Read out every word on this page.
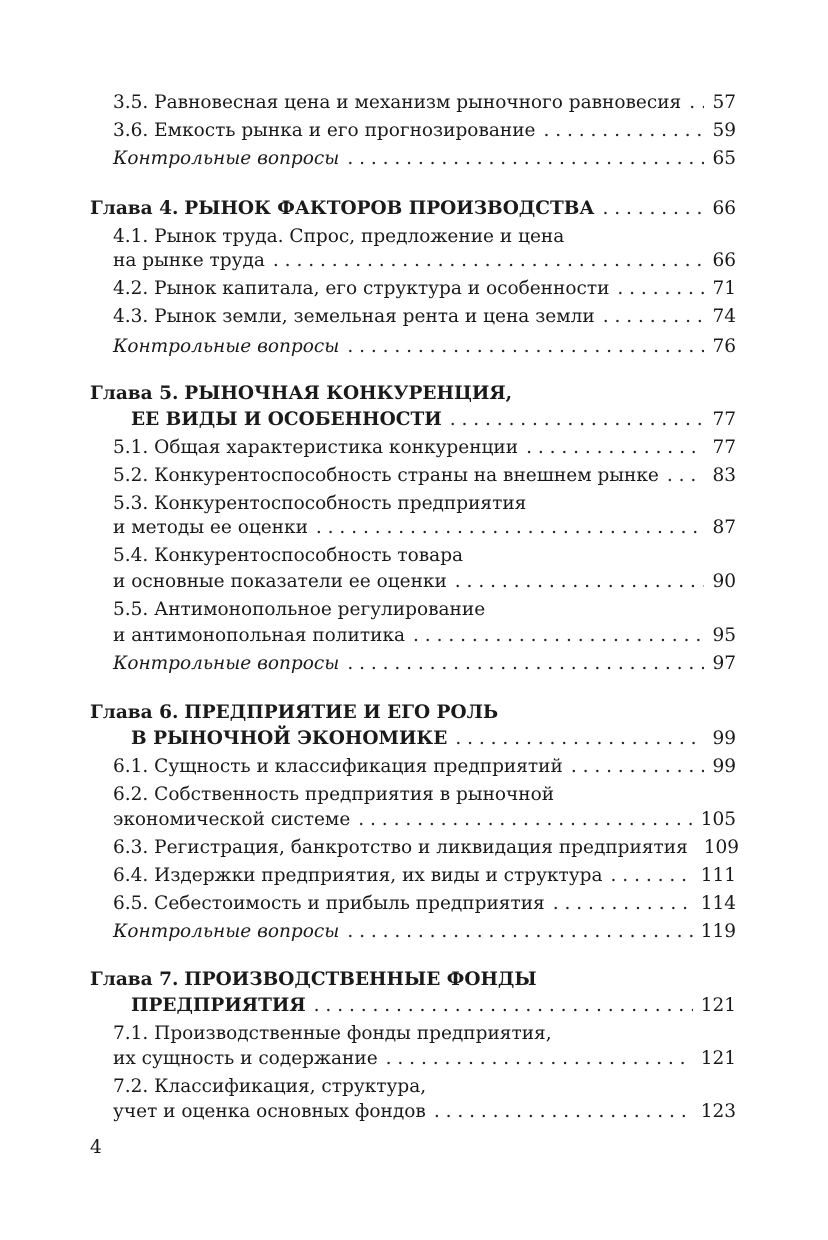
3.5. Равновесная цена и механизм рыночного равновесия . . . 57
3.6. Емкость рынка и его прогнозирование . . .	59
Контрольные вопросы . . .	65
Глава 4. РЫНОК ФАКТОРОВ ПРОИЗВОДСТВА . . .	66
4.1. Рынок труда. Спрос, предложение и цена
на рынке труда . . .	66
4.2. Рынок капитала, его структура и особенности . . .	71
4.3. Рынок земли, земельная рента и цена земли . . .	74
Контрольные вопросы . . .	76
Глава 5. РЫНОЧНАЯ КОНКУРЕНЦИЯ,
ЕЕ ВИДЫ И ОСОБЕННОСТИ . . .	77
5.1. Общая характеристика конкуренции . . .	77
5.2. Конкурентоспособность страны на внешнем рынке . . .	83
5.3. Конкурентоспособность предприятия
и методы ее оценки . . .	87
5.4. Конкурентоспособность товара
и основные показатели ее оценки . . .	90
5.5. Антимонопольное регулирование
и антимонопольная политика . . .	95
Контрольные вопросы . . .	97
Глава 6. ПРЕДПРИЯТИЕ И ЕГО РОЛЬ
В РЫНОЧНОЙ ЭКОНОМИКЕ . . .	99
6.1. Сущность и классификация предприятий . . .	99
6.2. Собственность предприятия в рыночной
экономической системе . . .	105
6.3. Регистрация, банкротство и ликвидация предприятия 109
6.4. Издержки предприятия, их виды и структура . . .	111
6.5. Себестоимость и прибыль предприятия . . .	114
Контрольные вопросы . . .	119
Глава 7. ПРОИЗВОДСТВЕННЫЕ ФОНДЫ
ПРЕДПРИЯТИЯ . . .	121
7.1. Производственные фонды предприятия,
их сущность и содержание . . .	121
7.2. Классификация, структура,
учет и оценка основных фондов . . .	123
4
